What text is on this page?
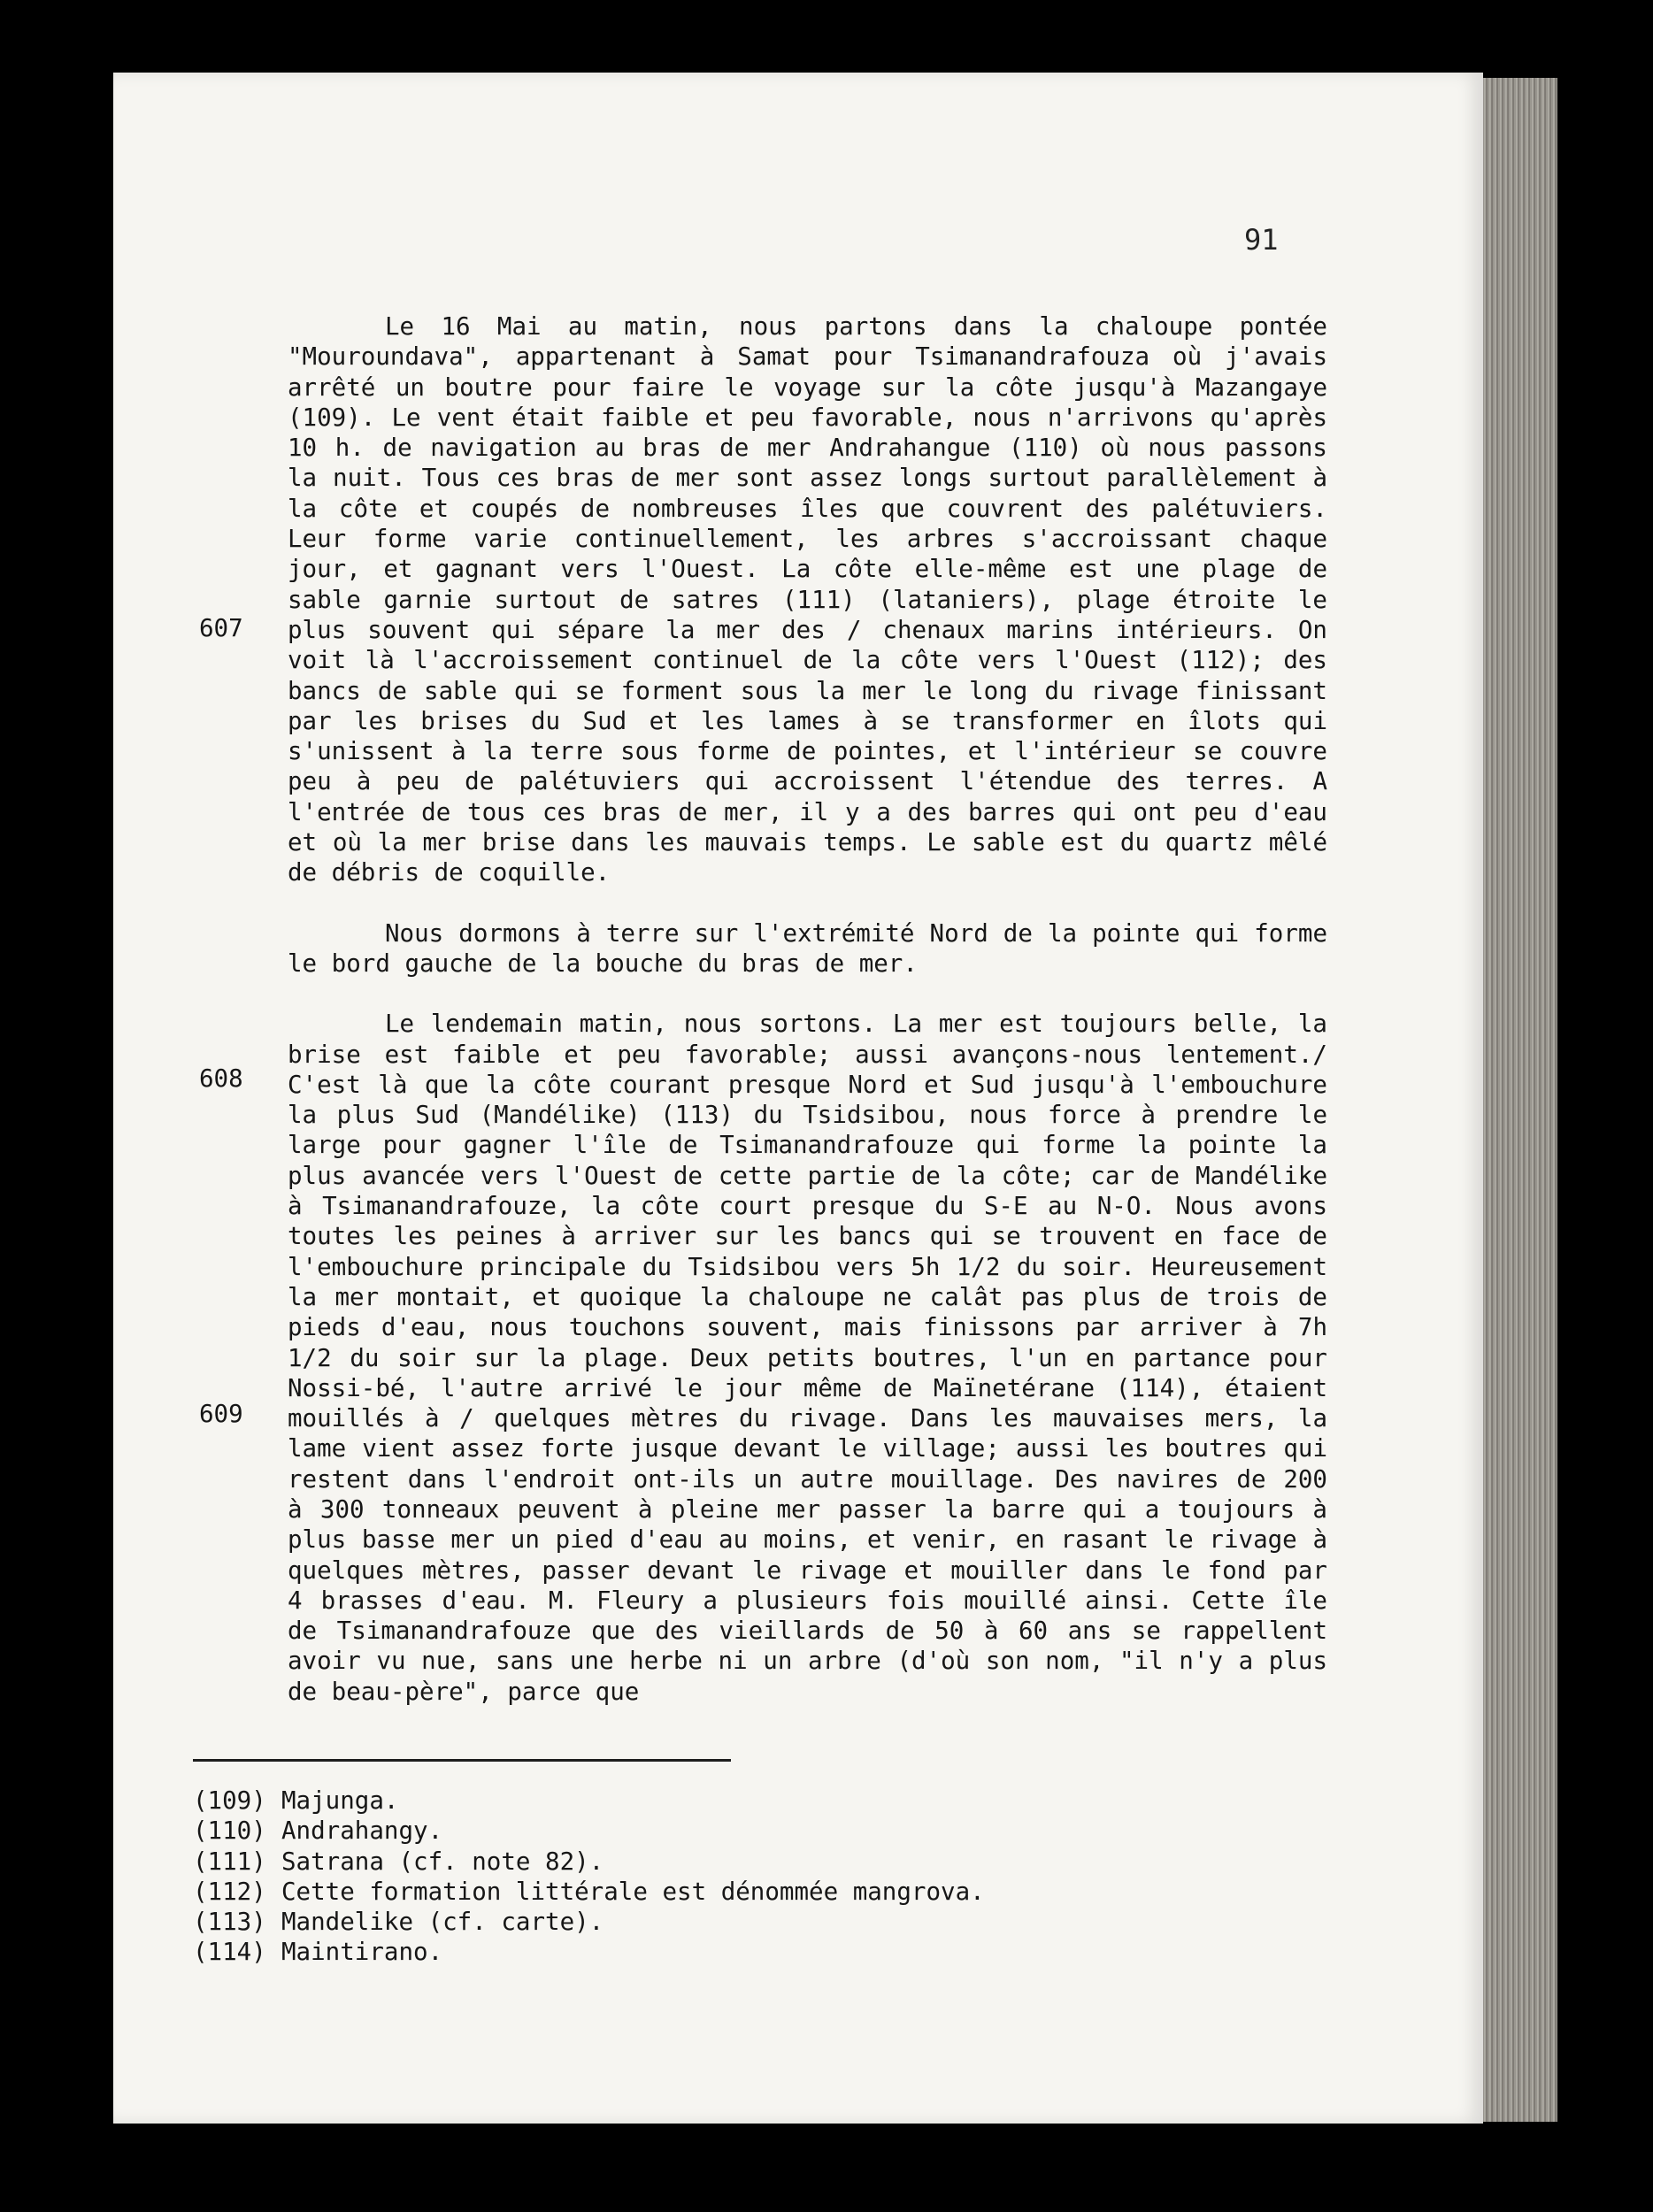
91

Le 16 Mai au matin, nous partons dans la chaloupe pontée "Mouroundava", appartenant à Samat pour Tsimanandrafouza où j'avais arrêté un boutre pour faire le voyage sur la côte jusqu'à Mazangaye (109). Le vent était faible et peu favorable, nous n'arrivons qu'après 10 h. de navigation au bras de mer Andrahangue (110) où nous passons la nuit. Tous ces bras de mer sont assez longs surtout parallèlement à la côte et coupés de nombreuses îles que couvrent des palétuviers. Leur forme varie continuellement, les arbres s'accroissant chaque jour, et gagnant vers l'Ouest. La côte elle-même est une plage de sable garnie surtout de satres (111) (lataniers), plage étroite le plus souvent qui sépare la mer des / chenaux marins intérieurs. On voit là l'accroissement continuel de la côte vers l'Ouest (112); des bancs de sable qui se forment sous la mer le long du rivage finissant par les brises du Sud et les lames à se transformer en îlots qui s'unissent à la terre sous forme de pointes, et l'intérieur se couvre peu à peu de palétuviers qui accroissent l'étendue des terres. A l'entrée de tous ces bras de mer, il y a des barres qui ont peu d'eau et où la mer brise dans les mauvais temps. Le sable est du quartz mêlé de débris de coquille.

Nous dormons à terre sur l'extrémité Nord de la pointe qui forme le bord gauche de la bouche du bras de mer.

Le lendemain matin, nous sortons. La mer est toujours belle, la brise est faible et peu favorable; aussi avançons-nous lentement./ C'est là que la côte courant presque Nord et Sud jusqu'à l'embouchure la plus Sud (Mandélike) (113) du Tsidsibou, nous force à prendre le large pour gagner l'île de Tsimanandrafouze qui forme la pointe la plus avancée vers l'Ouest de cette partie de la côte; car de Mandélike à Tsimanandrafouze, la côte court presque du S-E au N-O. Nous avons toutes les peines à arriver sur les bancs qui se trouvent en face de l'embouchure principale du Tsidsibou vers 5h 1/2 du soir. Heureusement la mer montait, et quoique la chaloupe ne calât pas plus de trois de pieds d'eau, nous touchons souvent, mais finissons par arriver à 7h 1/2 du soir sur la plage. Deux petits boutres, l'un en partance pour Nossi-bé, l'autre arrivé le jour même de Maïnetérane (114), étaient mouillés à / quelques mètres du rivage. Dans les mauvaises mers, la lame vient assez forte jusque devant le village; aussi les boutres qui restent dans l'endroit ont-ils un autre mouillage. Des navires de 200 à 300 tonneaux peuvent à pleine mer passer la barre qui a toujours à plus basse mer un pied d'eau au moins, et venir, en rasant le rivage à quelques mètres, passer devant le rivage et mouiller dans le fond par 4 brasses d'eau. M. Fleury a plusieurs fois mouillé ainsi. Cette île de Tsimanandrafouze que des vieillards de 50 à 60 ans se rappellent avoir vu nue, sans une herbe ni un arbre (d'où son nom, "il n'y a plus de beau-père", parce que

607
608
609
(109) Majunga.
(110) Andrahangy.
(111) Satrana (cf. note 82).
(112) Cette formation littérale est dénommée mangrova.
(113) Mandelike (cf. carte).
(114) Maintirano.
